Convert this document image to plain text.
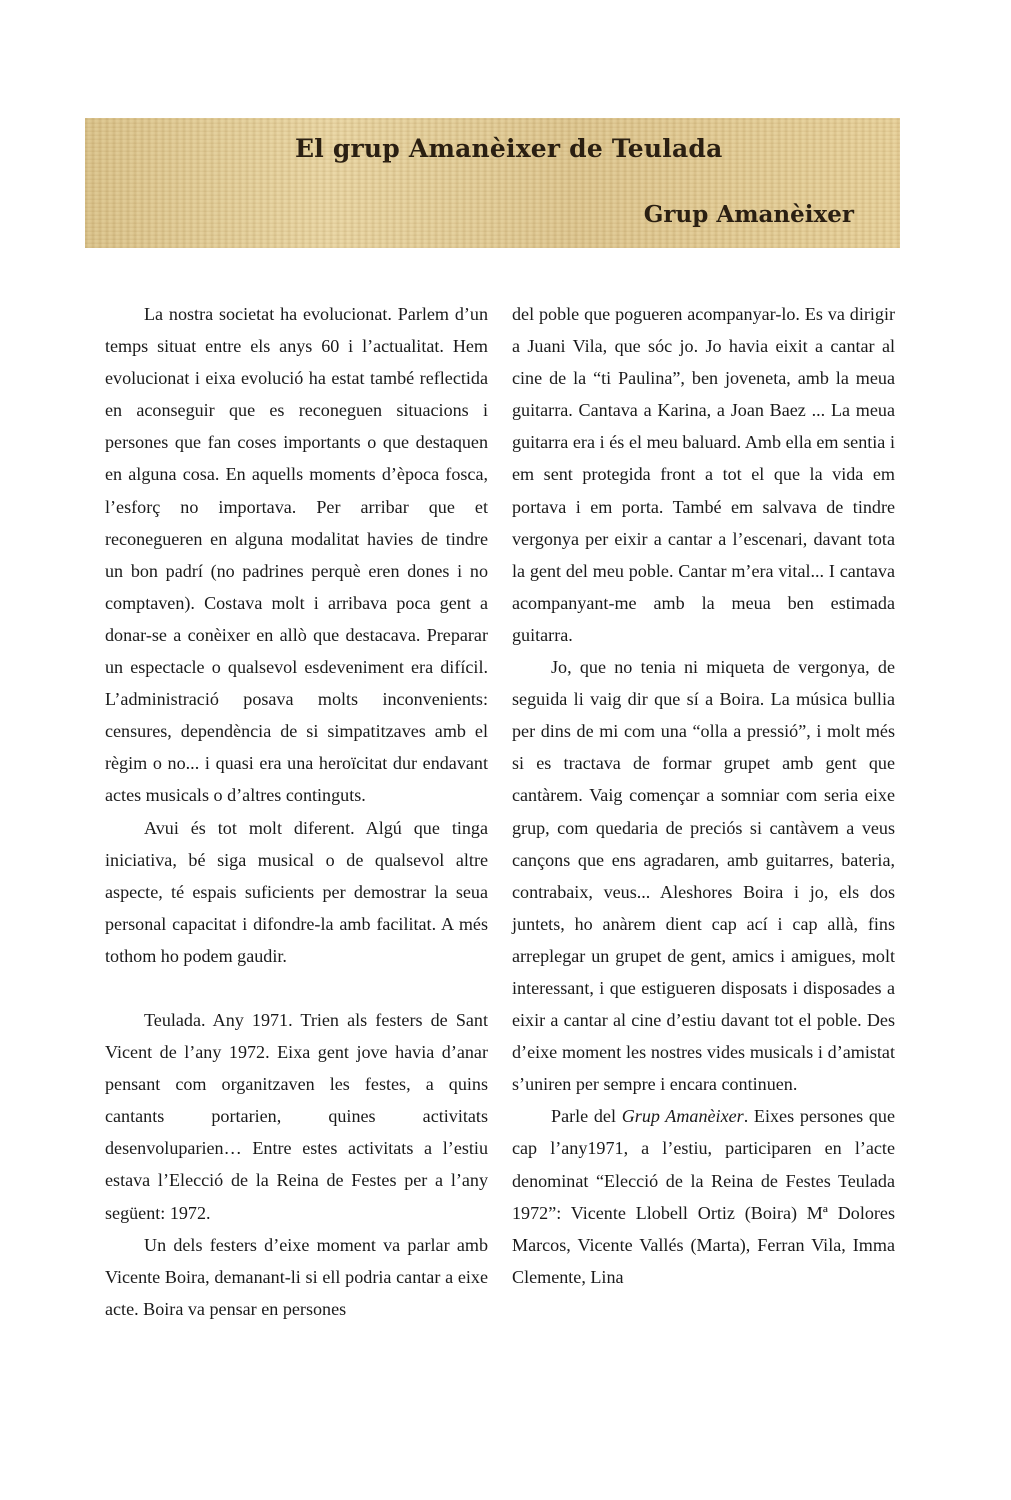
El grup Amanèixer de Teulada
Grup Amanèixer

La nostra societat ha evolucionat. Parlem d’un temps situat entre els anys 60 i l’actualitat. Hem evolucionat i eixa evolució ha estat també reflectida en aconseguir que es reconeguen situacions i persones que fan coses importants o que destaquen en alguna cosa. En aquells moments d’època fosca, l’esforç no importava. Per arribar que et reconegueren en alguna modalitat havies de tindre un bon padrí (no padrines perquè eren dones i no comptaven). Costava molt i arribava poca gent a donar-se a conèixer en allò que destacava. Preparar un espectacle o qualsevol esdeveniment era difícil. L’administració posava molts inconvenients: censures, dependència de si simpatitzaves amb el règim o no... i quasi era una heroïcitat dur endavant actes musicals o d’altres continguts.

Avui és tot molt diferent. Algú que tinga iniciativa, bé siga musical o de qualsevol altre aspecte, té espais suficients per demostrar la seua personal capacitat i difondre-la amb facilitat. A més tothom ho podem gaudir.

Teulada. Any 1971. Trien als festers de Sant Vicent de l’any 1972. Eixa gent jove havia d’anar pensant com organitzaven les festes, a quins cantants portarien, quines activitats desenvoluparien… Entre estes activitats a l’estiu estava l’Elecció de la Reina de Festes per a l’any següent: 1972.

Un dels festers d’eixe moment va parlar amb Vicente Boira, demanant-li si ell podria cantar a eixe acte. Boira va pensar en persones

del poble que pogueren acompanyar-lo. Es va dirigir a Juani Vila, que sóc jo. Jo havia eixit a cantar al cine de la “ti Paulina”, ben joveneta, amb la meua guitarra. Cantava a Karina, a Joan Baez ... La meua guitarra era i és el meu baluard. Amb ella em sentia i em sent protegida front a tot el que la vida em portava i em porta. També em salvava de tindre vergonya per eixir a cantar a l’escenari, davant tota la gent del meu poble. Cantar m’era vital... I cantava acompanyant-me amb la meua ben estimada guitarra.

Jo, que no tenia ni miqueta de vergonya, de seguida li vaig dir que sí a Boira. La música bullia per dins de mi com una “olla a pressió”, i molt més si es tractava de formar grupet amb gent que cantàrem. Vaig començar a somniar com seria eixe grup, com quedaria de preciós si cantàvem a veus cançons que ens agradaren, amb guitarres, bateria, contrabaix, veus... Aleshores Boira i jo, els dos juntets, ho anàrem dient cap ací i cap allà, fins arreplegar un grupet de gent, amics i amigues, molt interessant, i que estigueren disposats i disposades a eixir a cantar al cine d’estiu davant tot el poble. Des d’eixe moment les nostres vides musicals i d’amistat s’uniren per sempre i encara continuen.

Parle del Grup Amanèixer. Eixes persones que cap l’any1971, a l’estiu, participaren en l’acte denominat “Elecció de la Reina de Festes Teulada 1972”: Vicente Llobell Ortiz (Boira) Mª Dolores Marcos, Vicente Vallés (Marta), Ferran Vila, Imma Clemente, Lina
